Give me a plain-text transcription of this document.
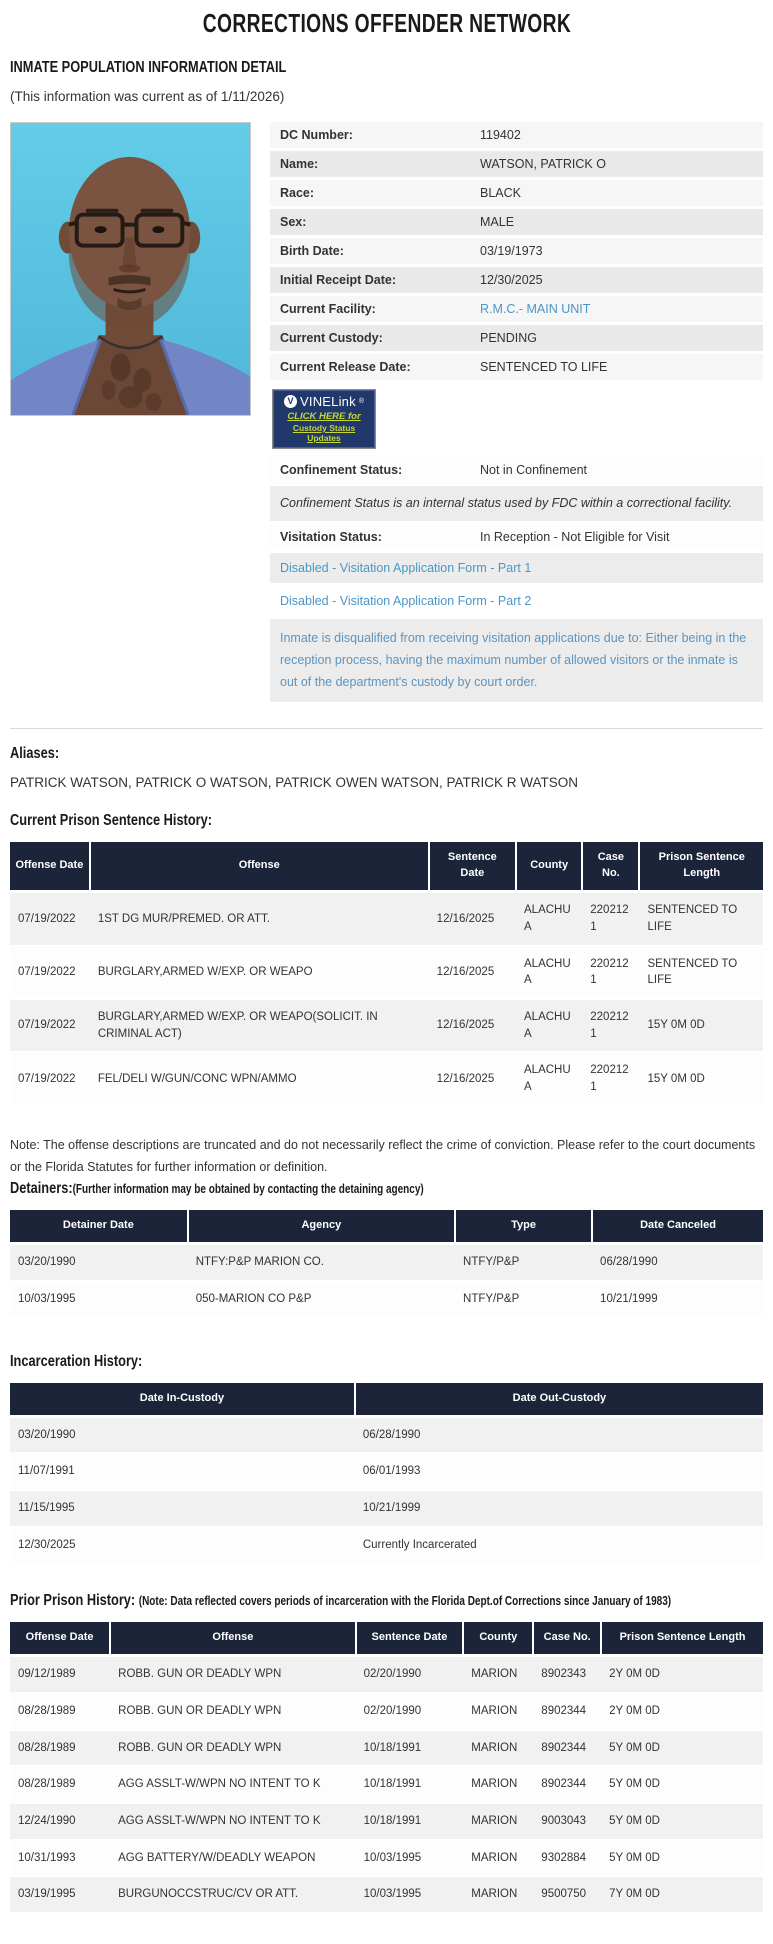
CORRECTIONS OFFENDER NETWORK
INMATE POPULATION INFORMATION DETAIL
(This information was current as of 1/11/2026)
DC Number:	119402
Name:	WATSON, PATRICK O
Race:	BLACK
Sex:	MALE
Birth Date:	03/19/1973
Initial Receipt Date:	12/30/2025
Current Facility:	R.M.C.- MAIN UNIT
Current Custody:	PENDING
Current Release Date:	SENTENCED TO LIFE
V VINELink ®
CLICK HERE for
Custody Status Updates
Confinement Status:	Not in Confinement
Confinement Status is an internal status used by FDC within a correctional facility.
Visitation Status:	In Reception - Not Eligible for Visit
Disabled - Visitation Application Form - Part 1
Disabled - Visitation Application Form - Part 2
Inmate is disqualified from receiving visitation applications due to: Either being in the reception process, having the maximum number of allowed visitors or the inmate is out of the department's custody by court order.
Aliases:
PATRICK WATSON, PATRICK O WATSON, PATRICK OWEN WATSON, PATRICK R WATSON
Current Prison Sentence History:
Offense Date	Offense	Sentence Date	County	Case No.	Prison Sentence Length
07/19/2022	1ST DG MUR/PREMED. OR ATT.	12/16/2025	ALACHUA	2202121	SENTENCED TO LIFE
07/19/2022	BURGLARY,ARMED W/EXP. OR WEAPO	12/16/2025	ALACHUA	2202121	SENTENCED TO LIFE
07/19/2022	BURGLARY,ARMED W/EXP. OR WEAPO(SOLICIT. IN CRIMINAL ACT)	12/16/2025	ALACHUA	2202121	15Y 0M 0D
07/19/2022	FEL/DELI W/GUN/CONC WPN/AMMO	12/16/2025	ALACHUA	2202121	15Y 0M 0D
Note: The offense descriptions are truncated and do not necessarily reflect the crime of conviction. Please refer to the court documents or the Florida Statutes for further information or definition.
Detainers:(Further information may be obtained by contacting the detaining agency)
Detainer Date	Agency	Type	Date Canceled
03/20/1990	NTFY:P&P MARION CO.	NTFY/P&P	06/28/1990
10/03/1995	050-MARION CO P&P	NTFY/P&P	10/21/1999
Incarceration History:
Date In-Custody	Date Out-Custody
03/20/1990	06/28/1990
11/07/1991	06/01/1993
11/15/1995	10/21/1999
12/30/2025	Currently Incarcerated
Prior Prison History: (Note: Data reflected covers periods of incarceration with the Florida Dept.of Corrections since January of 1983)
Offense Date	Offense	Sentence Date	County	Case No.	Prison Sentence Length
09/12/1989	ROBB. GUN OR DEADLY WPN	02/20/1990	MARION	8902343	2Y 0M 0D
08/28/1989	ROBB. GUN OR DEADLY WPN	02/20/1990	MARION	8902344	2Y 0M 0D
08/28/1989	ROBB. GUN OR DEADLY WPN	10/18/1991	MARION	8902344	5Y 0M 0D
08/28/1989	AGG ASSLT-W/WPN NO INTENT TO K	10/18/1991	MARION	8902344	5Y 0M 0D
12/24/1990	AGG ASSLT-W/WPN NO INTENT TO K	10/18/1991	MARION	9003043	5Y 0M 0D
10/31/1993	AGG BATTERY/W/DEADLY WEAPON	10/03/1995	MARION	9302884	5Y 0M 0D
03/19/1995	BURGUNOCCSTRUC/CV OR ATT.	10/03/1995	MARION	9500750	7Y 0M 0D
